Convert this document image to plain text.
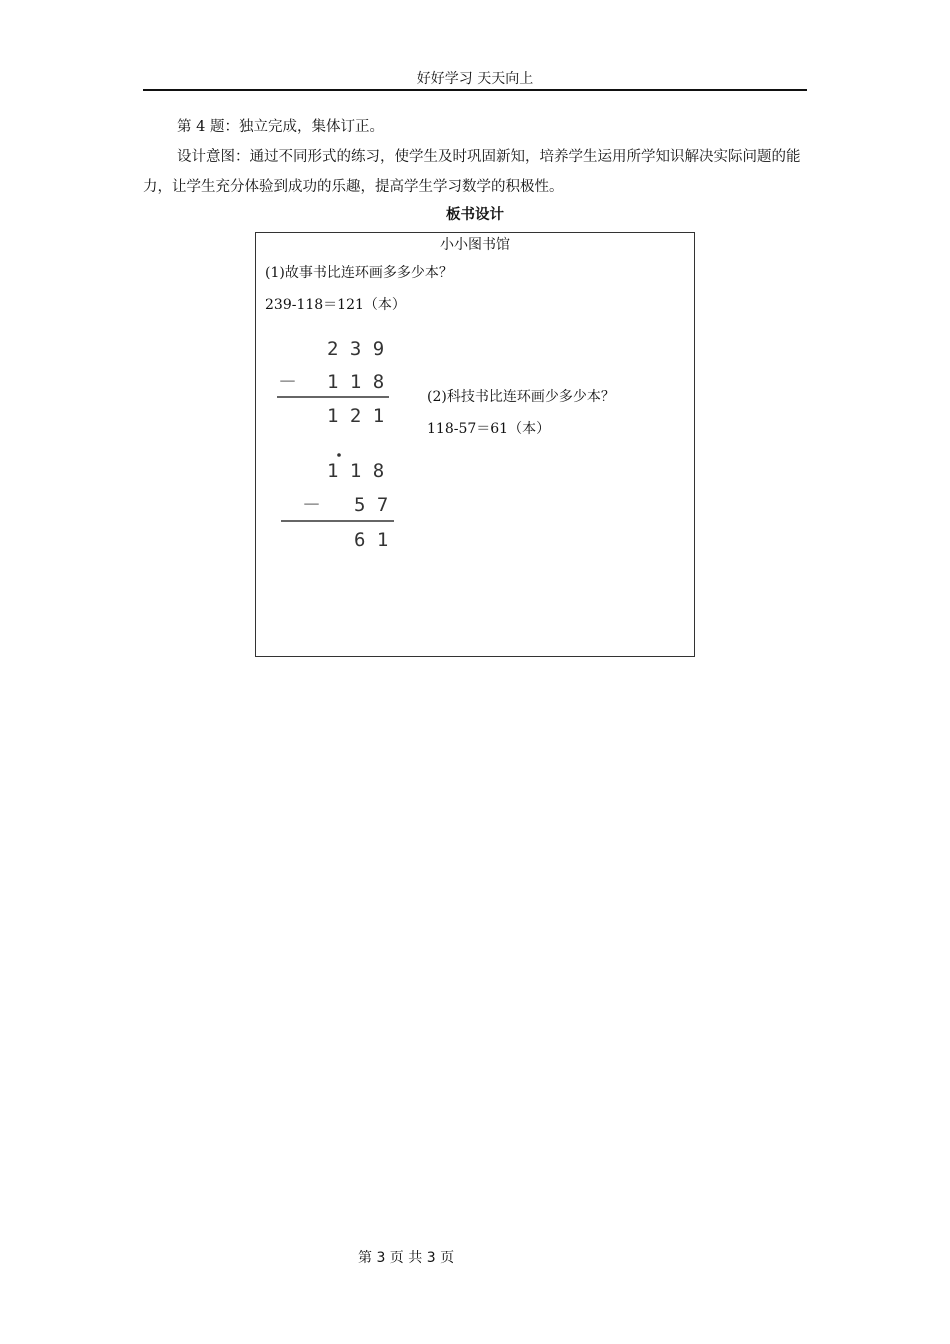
好好学习 天天向上
第 4 题：独立完成，集体订正。
设计意图：通过不同形式的练习，使学生及时巩固新知，培养学生运用所学知识解决实际问题的能力，让学生充分体验到成功的乐趣，提高学生学习数学的积极性。
板书设计
小小图书馆
(1)故事书比连环画多多少本？
239-118＝121（本）
(2)科技书比连环画少多少本？
118-57＝61（本）
2 3 9
－ 1 1 8
1 2 1
1 1 8
－ 5 7
6 1
第 3 页 共 3 页
